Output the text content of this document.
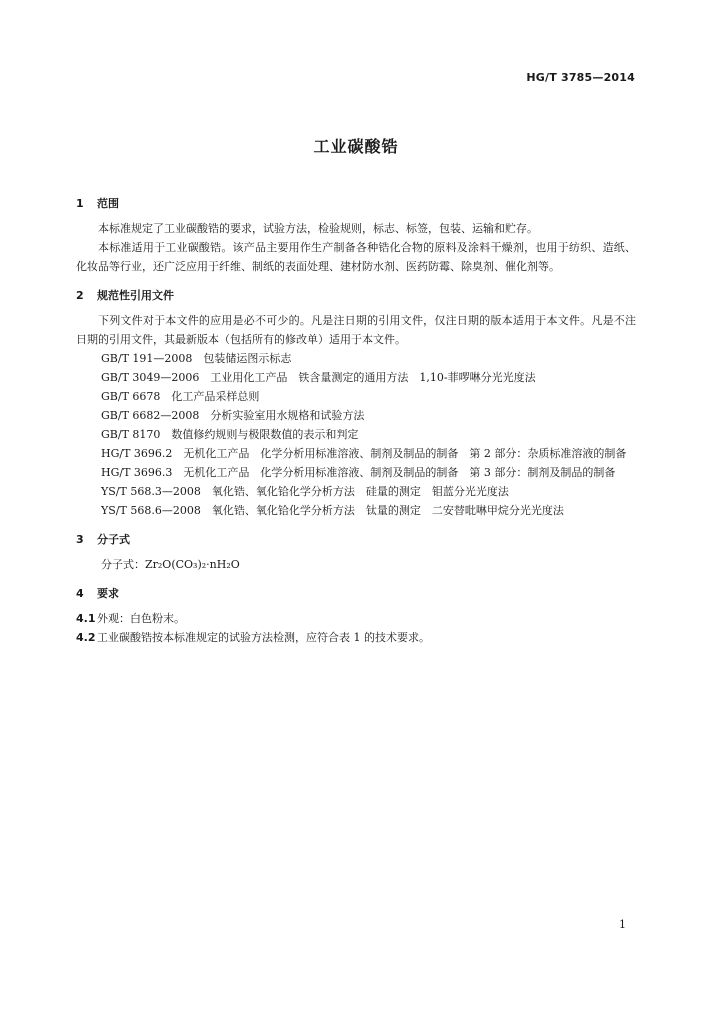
HG/T 3785—2014
工业碳酸锆
1 范围
本标准规定了工业碳酸锆的要求，试验方法，检验规则，标志、标签，包装、运输和贮存。
本标准适用于工业碳酸锆。该产品主要用作生产制备各种锆化合物的原料及涂料干燥剂，也用于纺织、造纸、化妆品等行业，还广泛应用于纤维、制纸的表面处理、建材防水剂、医药防霉、除臭剂、催化剂等。
2 规范性引用文件
下列文件对于本文件的应用是必不可少的。凡是注日期的引用文件，仅注日期的版本适用于本文件。凡是不注日期的引用文件，其最新版本（包括所有的修改单）适用于本文件。
GB/T 191—2008　包装储运图示标志
GB/T 3049—2006　工业用化工产品　铁含量测定的通用方法　1,10-菲啰啉分光光度法
GB/T 6678　化工产品采样总则
GB/T 6682—2008　分析实验室用水规格和试验方法
GB/T 8170　数值修约规则与极限数值的表示和判定
HG/T 3696.2　无机化工产品　化学分析用标准溶液、制剂及制品的制备　第 2 部分：杂质标准溶液的制备
HG/T 3696.3　无机化工产品　化学分析用标准溶液、制剂及制品的制备　第 3 部分：制剂及制品的制备
YS/T 568.3—2008　氧化锆、氧化铪化学分析方法　硅量的测定　钼蓝分光光度法
YS/T 568.6—2008　氧化锆、氧化铪化学分析方法　钛量的测定　二安替吡啉甲烷分光光度法
3 分子式
分子式：Zr₂O(CO₃)₂·nH₂O
4 要求
4.1 外观：白色粉末。
4.2 工业碳酸锆按本标准规定的试验方法检测，应符合表 1 的技术要求。
1
